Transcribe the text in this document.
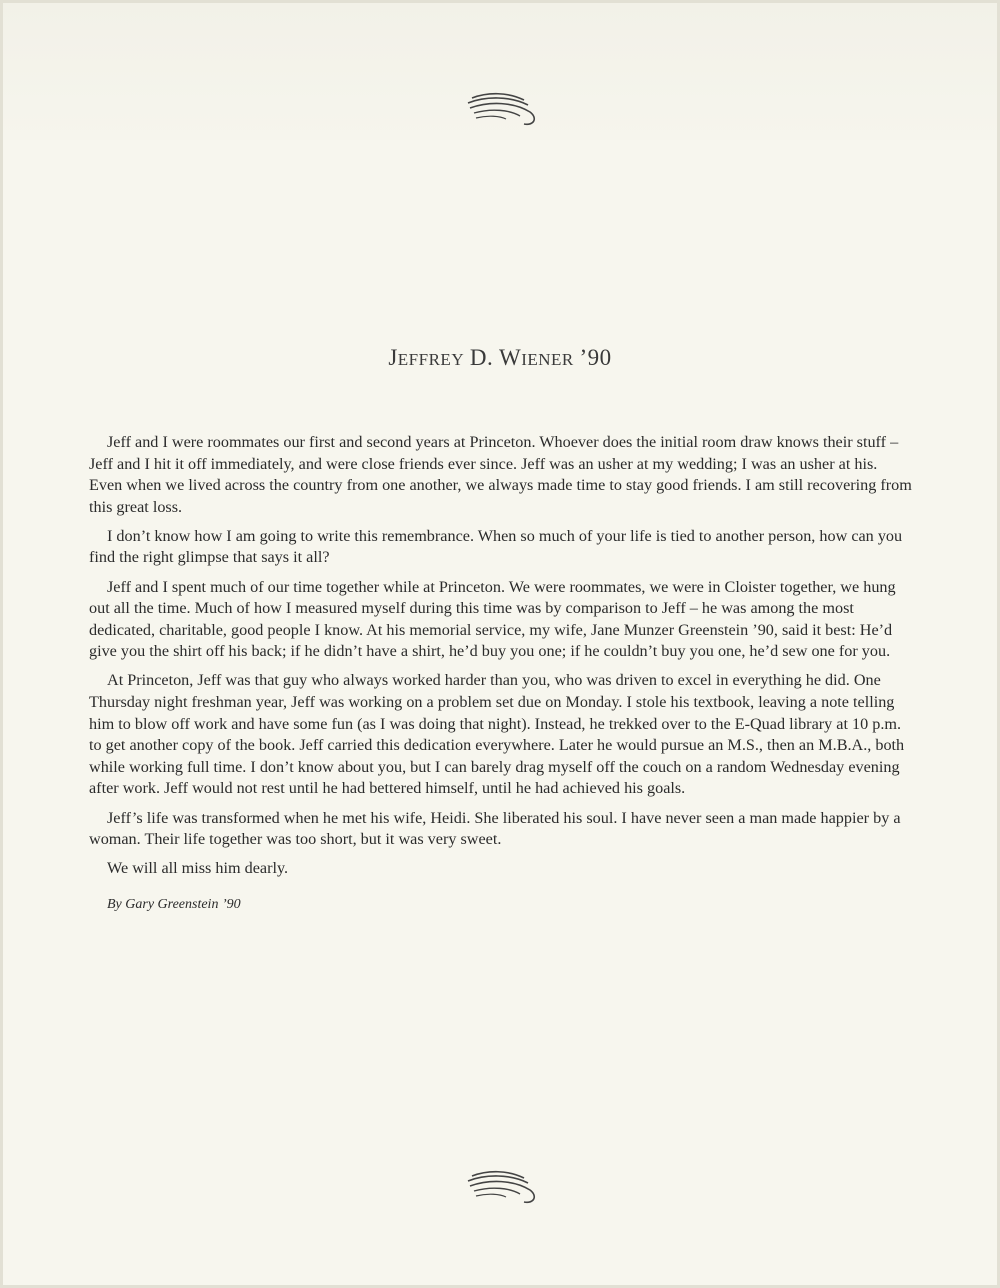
JEFFREY D. WIENER ’90

Jeff and I were roommates our first and second years at Princeton. Whoever does the initial room draw knows their stuff – Jeff and I hit it off immediately, and were close friends ever since. Jeff was an usher at my wedding; I was an usher at his. Even when we lived across the country from one another, we always made time to stay good friends. I am still recovering from this great loss.

I don’t know how I am going to write this remembrance. When so much of your life is tied to another person, how can you find the right glimpse that says it all?

Jeff and I spent much of our time together while at Princeton. We were roommates, we were in Cloister together, we hung out all the time. Much of how I measured myself during this time was by comparison to Jeff – he was among the most dedicated, charitable, good people I know. At his memorial service, my wife, Jane Munzer Greenstein ’90, said it best: He’d give you the shirt off his back; if he didn’t have a shirt, he’d buy you one; if he couldn’t buy you one, he’d sew one for you.

At Princeton, Jeff was that guy who always worked harder than you, who was driven to excel in everything he did. One Thursday night freshman year, Jeff was working on a problem set due on Monday. I stole his textbook, leaving a note telling him to blow off work and have some fun (as I was doing that night). Instead, he trekked over to the E-Quad library at 10 p.m. to get another copy of the book. Jeff carried this dedication everywhere. Later he would pursue an M.S., then an M.B.A., both while working full time. I don’t know about you, but I can barely drag myself off the couch on a random Wednesday evening after work. Jeff would not rest until he had bettered himself, until he had achieved his goals.

Jeff’s life was transformed when he met his wife, Heidi. She liberated his soul. I have never seen a man made happier by a woman. Their life together was too short, but it was very sweet.

We will all miss him dearly.

By Gary Greenstein ’90
